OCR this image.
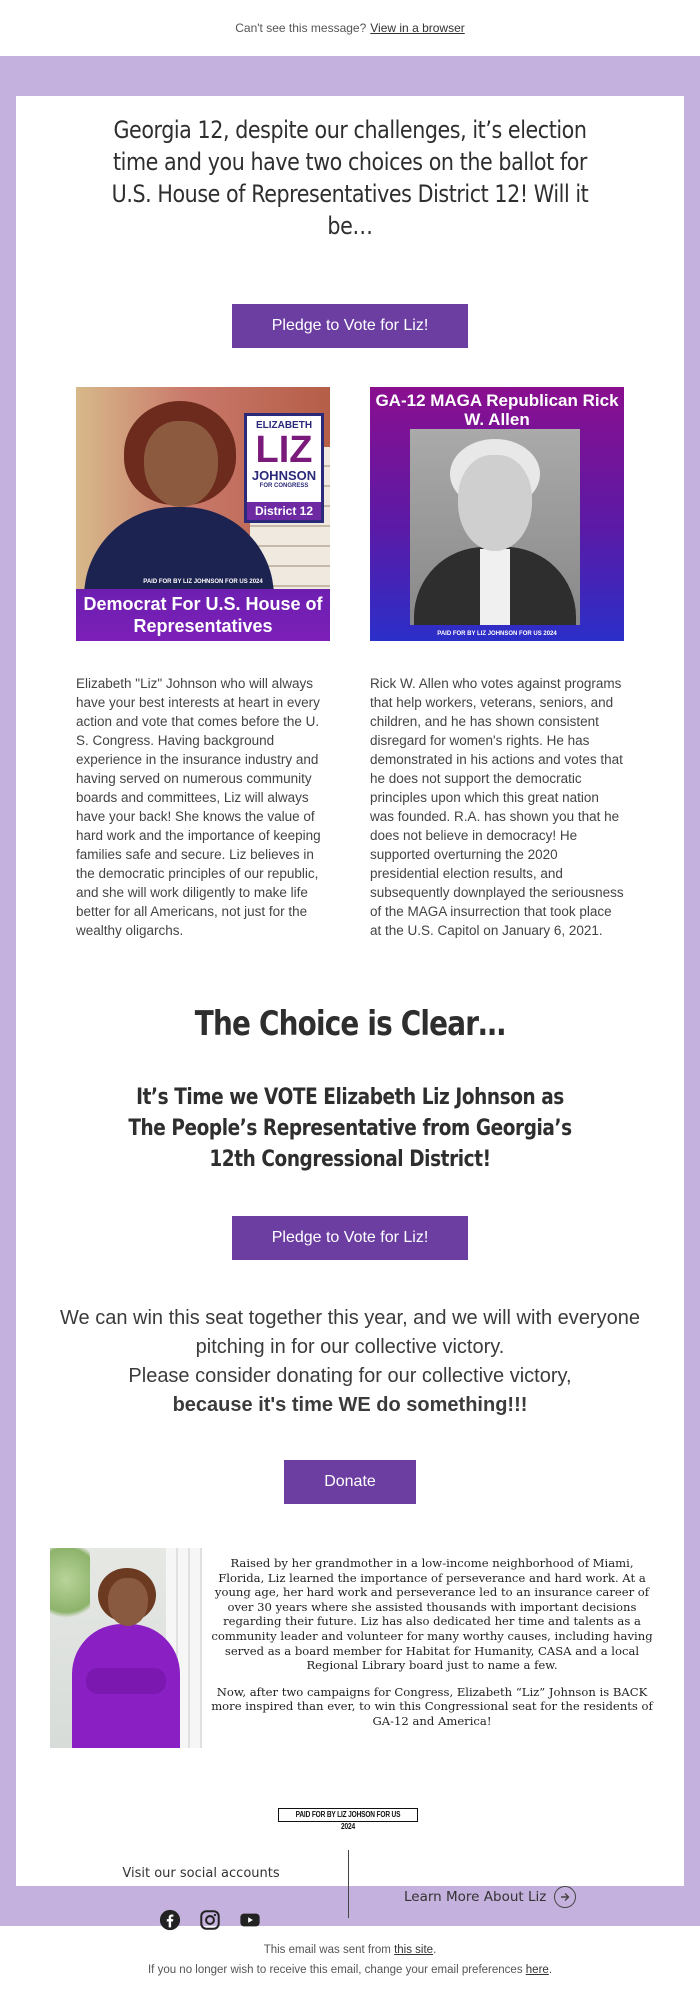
Can't see this message? View in a browser
Georgia 12, despite our challenges, it’s election time and you have two choices on the ballot for U.S. House of Representatives District 12! Will it be…
Pledge to Vote for Liz!
ELIZABETH
LIZ
JOHNSON
FOR CONGRESS
District 12
PAID FOR BY LIZ JOHNSON FOR US 2024
Democrat For U.S. House of Representatives
GA-12 MAGA Republican Rick W. Allen
PAID FOR BY LIZ JOHNSON FOR US 2024

Elizabeth "Liz" Johnson who will always have your best interests at heart in every action and vote that comes before the U. S. Congress. Having background experience in the insurance industry and having served on numerous community boards and committees, Liz will always have your back! She knows the value of hard work and the importance of keeping families safe and secure. Liz believes in the democratic principles of our republic, and she will work diligently to make life better for all Americans, not just for the wealthy oligarchs.

Rick W. Allen who votes against programs that help workers, veterans, seniors, and children, and he has shown consistent disregard for women's rights. He has demonstrated in his actions and votes that he does not support the democratic principles upon which this great nation was founded. R.A. has shown you that he does not believe in democracy! He supported overturning the 2020 presidential election results, and subsequently downplayed the seriousness of the MAGA insurrection that took place at the U.S. Capitol on January 6, 2021.

The Choice is Clear…
It’s Time we VOTE Elizabeth Liz Johnson as The People’s Representative from Georgia’s 12th Congressional District!
Pledge to Vote for Liz!
We can win this seat together this year, and we will with everyone pitching in for our collective victory.
Please consider donating for our collective victory,
because it's time WE do something!!!
Donate

Raised by her grandmother in a low-income neighborhood of Miami, Florida, Liz learned the importance of perseverance and hard work. At a young age, her hard work and perseverance led to an insurance career of over 30 years where she assisted thousands with important decisions regarding their future. Liz has also dedicated her time and talents as a community leader and volunteer for many worthy causes, including having served as a board member for Habitat for Humanity, CASA and a local Regional Library board just to name a few.

Now, after two campaigns for Congress, Elizabeth “Liz” Johnson is BACK more inspired than ever, to win this Congressional seat for the residents of GA-12 and America!

PAID FOR BY LIZ JOHSON FOR US 2024
Visit our social accounts
Learn More About Liz
This email was sent from this site.
If you no longer wish to receive this email, change your email preferences here.
